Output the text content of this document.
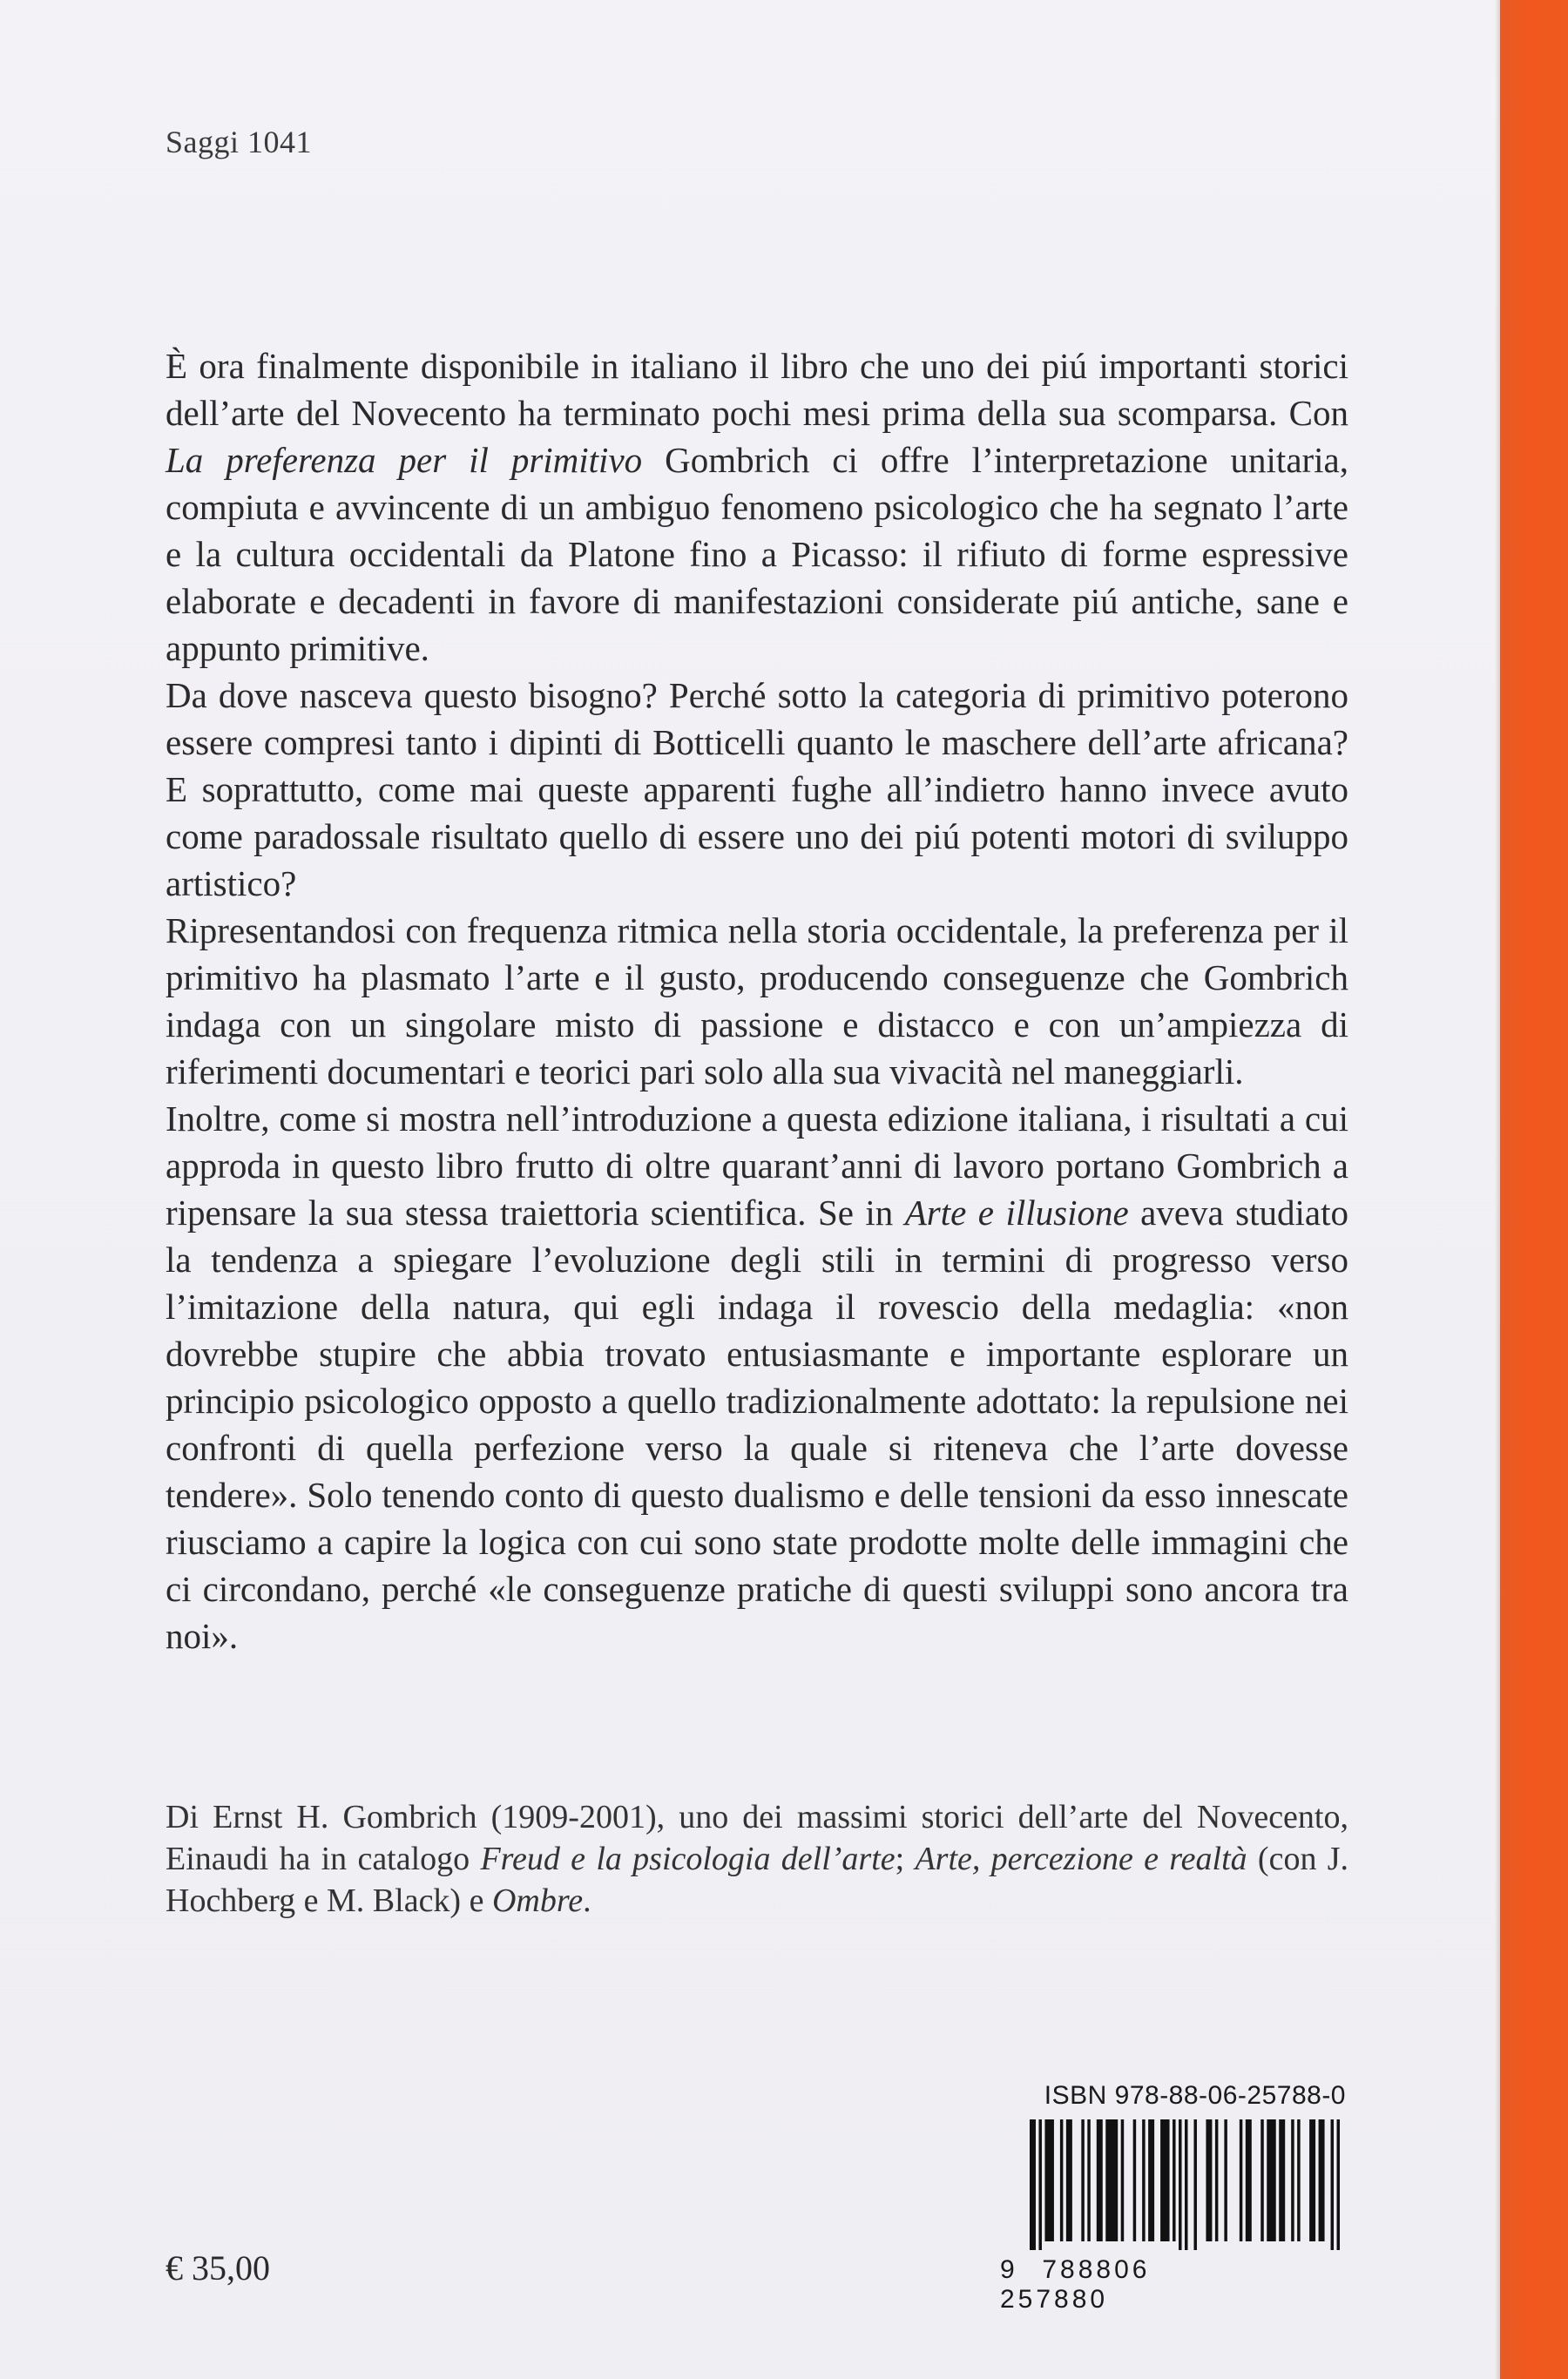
Saggi 1041

È ora finalmente disponibile in italiano il libro che uno dei piú importanti storici dell’arte del Novecento ha terminato pochi mesi prima della sua scomparsa. Con La preferenza per il primitivo Gombrich ci offre l’interpretazione unitaria, compiuta e avvincente di un ambiguo fenomeno psicologico che ha segnato l’arte e la cultura occidentali da Platone fino a Picasso: il rifiuto di forme espressive elaborate e decadenti in favore di manifestazioni considerate piú antiche, sane e appunto primitive.

Da dove nasceva questo bisogno? Perché sotto la categoria di primitivo poterono essere compresi tanto i dipinti di Botticelli quanto le maschere dell’arte africana? E soprattutto, come mai queste apparenti fughe all’indietro hanno invece avuto come paradossale risultato quello di essere uno dei piú potenti motori di sviluppo artistico?

Ripresentandosi con frequenza ritmica nella storia occidentale, la preferenza per il primitivo ha plasmato l’arte e il gusto, producendo conseguenze che Gombrich indaga con un singolare misto di passione e distacco e con un’ampiezza di riferimenti documentari e teorici pari solo alla sua vivacità nel maneggiarli.

Inoltre, come si mostra nell’introduzione a questa edizione italiana, i risultati a cui approda in questo libro frutto di oltre quarant’anni di lavoro portano Gombrich a ripensare la sua stessa traiettoria scientifica. Se in Arte e illusione aveva studiato la tendenza a spiegare l’evoluzione degli stili in termini di progresso verso l’imitazione della natura, qui egli indaga il rovescio della medaglia: «non dovrebbe stupire che abbia trovato entusiasmante e importante esplorare un principio psicologico opposto a quello tradizionalmente adottato: la repulsione nei confronti di quella perfezione verso la quale si riteneva che l’arte dovesse tendere». Solo tenendo conto di questo dualismo e delle tensioni da esso innescate riusciamo a capire la logica con cui sono state prodotte molte delle immagini che ci circondano, perché «le conseguenze pratiche di questi sviluppi sono ancora tra noi».

Di Ernst H. Gombrich (1909-2001), uno dei massimi storici dell’arte del Novecento, Einaudi ha in catalogo Freud e la psicologia dell’arte; Arte, percezione e realtà (con J. Hochberg e M. Black) e Ombre.

€ 35,00
ISBN 978-88-06-25788-0
9 788806 257880
